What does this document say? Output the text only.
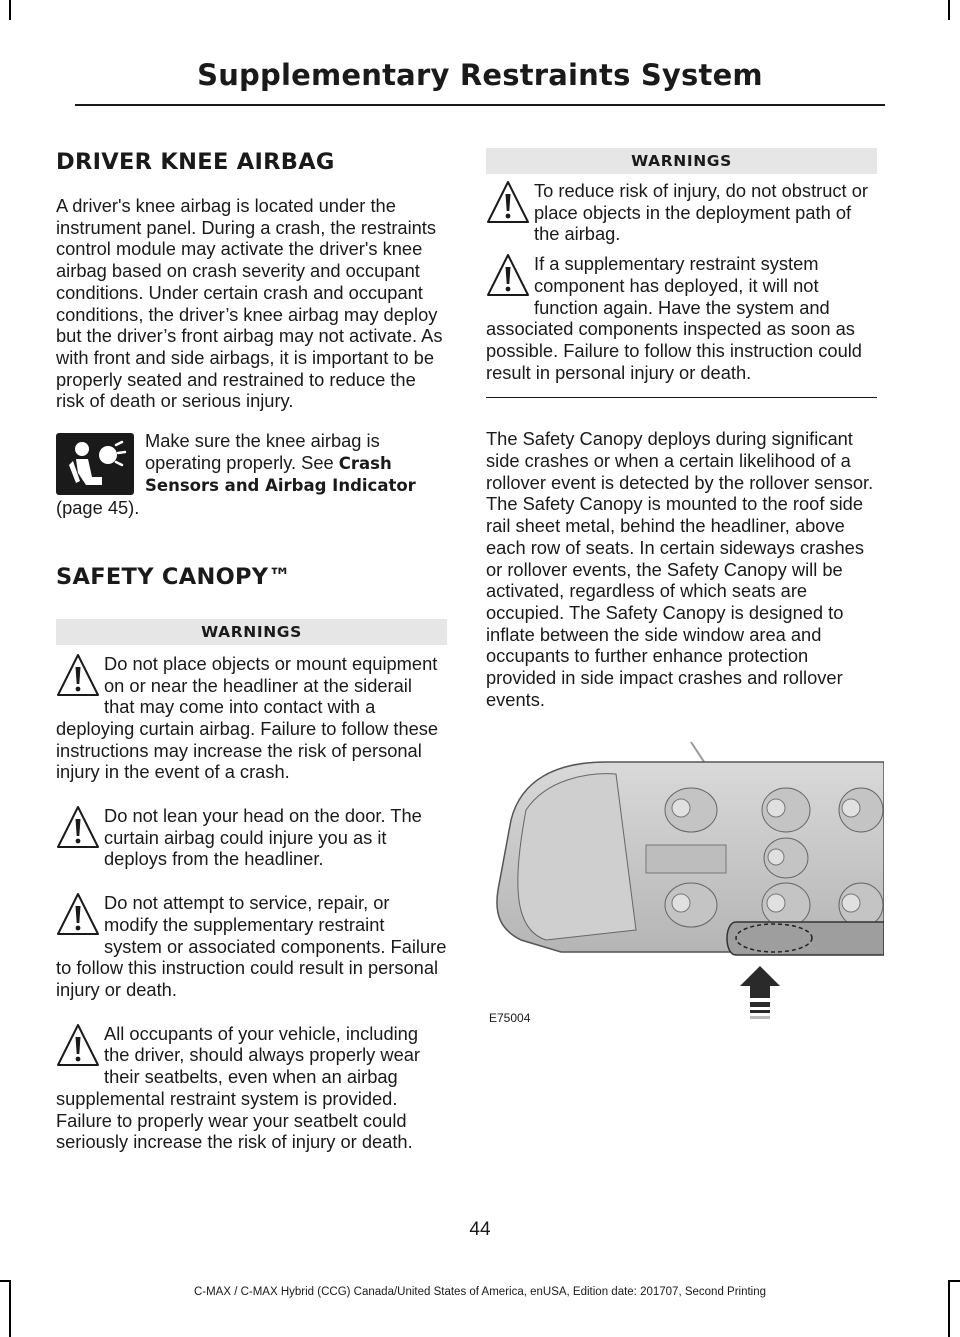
Supplementary Restraints System
DRIVER KNEE AIRBAG

A driver's knee airbag is located under the instrument panel. During a crash, the restraints control module may activate the driver's knee airbag based on crash severity and occupant conditions. Under certain crash and occupant conditions, the driver’s knee airbag may deploy but the driver’s front airbag may not activate. As with front and side airbags, it is important to be properly seated and restrained to reduce the risk of death or serious injury.

Make sure the knee airbag is operating properly. See Crash Sensors and Airbag Indicator (page 45).

SAFETY CANOPY™
WARNINGS

Do not place objects or mount equipment on or near the headliner at the siderail that may come into contact with a deploying curtain airbag. Failure to follow these instructions may increase the risk of personal injury in the event of a crash.

Do not lean your head on the door. The curtain airbag could injure you as it deploys from the headliner.

Do not attempt to service, repair, or modify the supplementary restraint system or associated components. Failure to follow this instruction could result in personal injury or death.

All occupants of your vehicle, including the driver, should always properly wear their seatbelts, even when an airbag supplemental restraint system is provided. Failure to properly wear your seatbelt could seriously increase the risk of injury or death.

WARNINGS

To reduce risk of injury, do not obstruct or place objects in the deployment path of the airbag.

If a supplementary restraint system component has deployed, it will not function again. Have the system and associated components inspected as soon as possible. Failure to follow this instruction could result in personal injury or death.

The Safety Canopy deploys during significant side crashes or when a certain likelihood of a rollover event is detected by the rollover sensor. The Safety Canopy is mounted to the roof side rail sheet metal, behind the headliner, above each row of seats. In certain sideways crashes or rollover events, the Safety Canopy will be activated, regardless of which seats are occupied. The Safety Canopy is designed to inflate between the side window area and occupants to further enhance protection provided in side impact crashes and rollover events.

E75004
44
C-MAX / C-MAX Hybrid (CCG) Canada/United States of America, enUSA, Edition date: 201707, Second Printing
